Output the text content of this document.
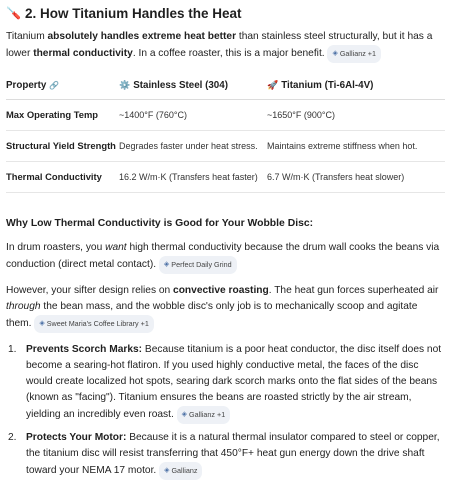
🪛 2. How Titanium Handles the Heat

Titanium absolutely handles extreme heat better than stainless steel structurally, but it has a lower thermal conductivity. In a coffee roaster, this is a major benefit. ◈ Gallianz +1

Property 🔗	⚙️ Stainless Steel (304)	🚀 Titanium (Ti-6Al-4V)
Max Operating Temp	~1400°F (760°C)	~1650°F (900°C)
Structural Yield Strength	Degrades faster under heat stress.	Maintains extreme stiffness when hot.
Thermal Conductivity	16.2 W/m·K (Transfers heat faster)	6.7 W/m·K (Transfers heat slower)
Why Low Thermal Conductivity is Good for Your Wobble Disc:

In drum roasters, you want high thermal conductivity because the drum wall cooks the beans via conduction (direct metal contact). ◈ Perfect Daily Grind

However, your sifter design relies on convective roasting. The heat gun forces superheated air through the bean mass, and the wobble disc's only job is to mechanically scoop and agitate them. ◈ Sweet Maria's Coffee Library +1

1. Prevents Scorch Marks: Because titanium is a poor heat conductor, the disc itself does not become a searing-hot flatiron. If you used highly conductive metal, the faces of the disc would create localized hot spots, searing dark scorch marks onto the flat sides of the beans (known as "facing"). Titanium ensures the beans are roasted strictly by the air stream, yielding an incredibly even roast. ◈ Gallianz +1
2. Protects Your Motor: Because it is a natural thermal insulator compared to steel or copper, the titanium disc will resist transferring that 450°F+ heat gun energy down the drive shaft toward your NEMA 17 motor. ◈ Gallianz
